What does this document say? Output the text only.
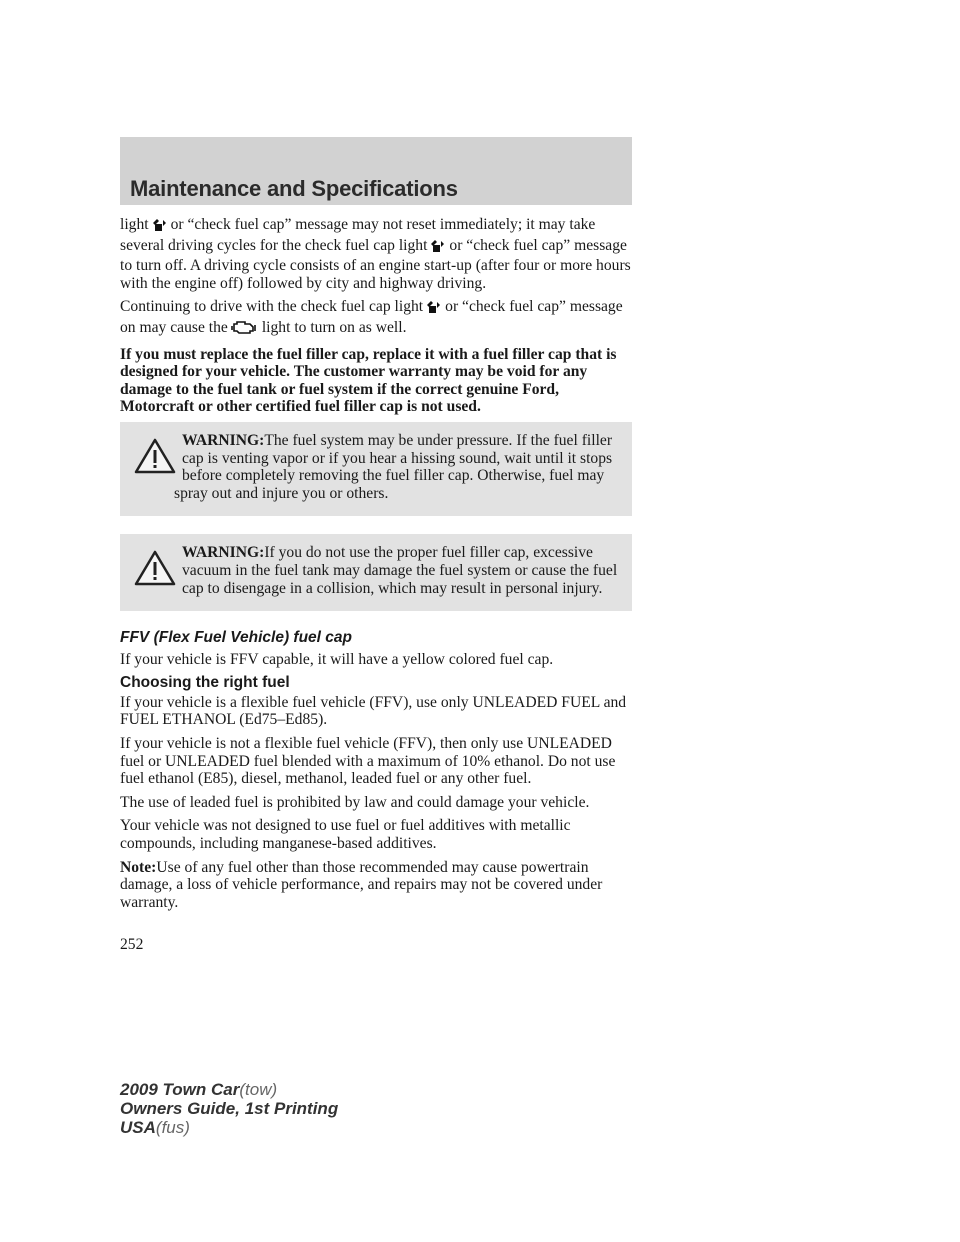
Maintenance and Specifications

light or “check fuel cap” message may not reset immediately; it may take several driving cycles for the check fuel cap light or “check fuel cap” message to turn off. A driving cycle consists of an engine start-up (after four or more hours with the engine off) followed by city and highway driving.

Continuing to drive with the check fuel cap light or “check fuel cap” message on may cause the light to turn on as well.

If you must replace the fuel filler cap, replace it with a fuel filler cap that is designed for your vehicle. The customer warranty may be void for any damage to the fuel tank or fuel system if the correct genuine Ford, Motorcraft or other certified fuel filler cap is not used.

WARNING:The fuel system may be under pressure. If the fuel filler cap is venting vapor or if you hear a hissing sound, wait until it stops before completely removing the fuel filler cap. Otherwise, fuel may spray out and injure you or others.
WARNING:If you do not use the proper fuel filler cap, excessive vacuum in the fuel tank may damage the fuel system or cause the fuel cap to disengage in a collision, which may result in personal injury.
FFV (Flex Fuel Vehicle) fuel cap

If your vehicle is FFV capable, it will have a yellow colored fuel cap.

Choosing the right fuel

If your vehicle is a flexible fuel vehicle (FFV), use only UNLEADED FUEL and FUEL ETHANOL (Ed75–Ed85).

If your vehicle is not a flexible fuel vehicle (FFV), then only use UNLEADED fuel or UNLEADED fuel blended with a maximum of 10% ethanol. Do not use fuel ethanol (E85), diesel, methanol, leaded fuel or any other fuel.

The use of leaded fuel is prohibited by law and could damage your vehicle.

Your vehicle was not designed to use fuel or fuel additives with metallic compounds, including manganese-based additives.

Note:Use of any fuel other than those recommended may cause powertrain damage, a loss of vehicle performance, and repairs may not be covered under warranty.

252
2009 Town Car(tow)
Owners Guide, 1st Printing
USA(fus)
